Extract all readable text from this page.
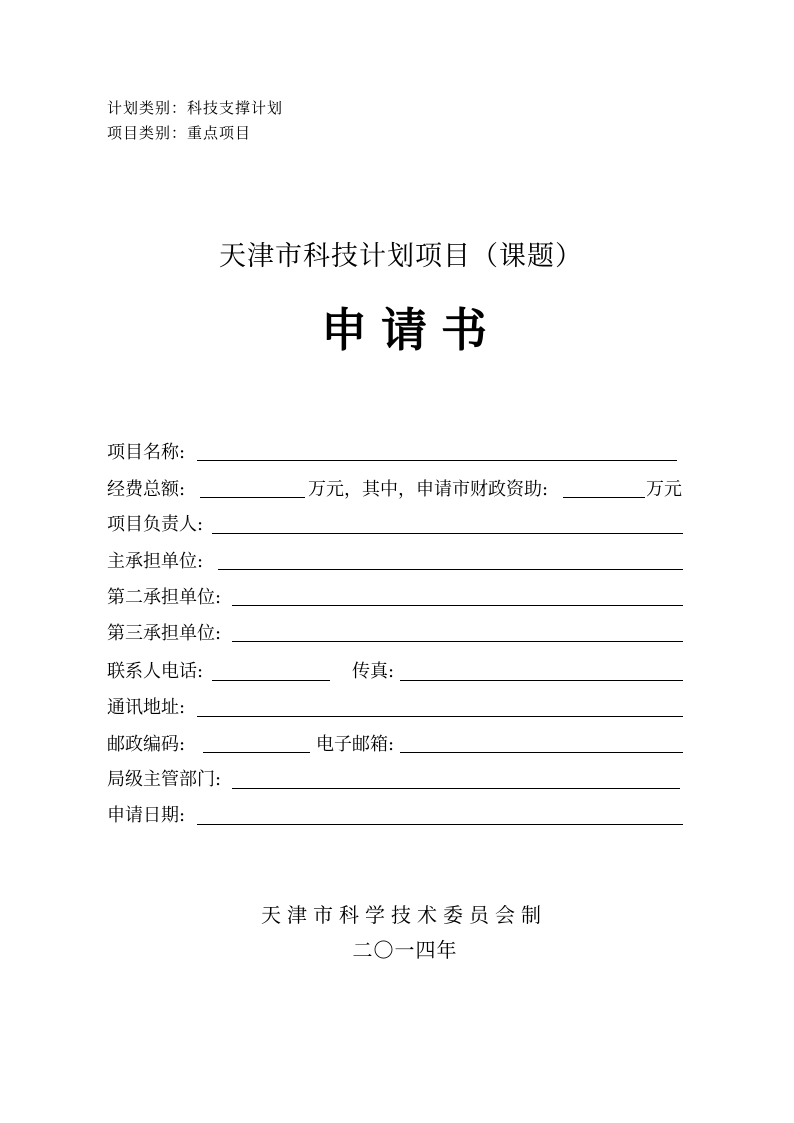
计划类别：科技支撑计划
项目类别：重点项目
天津市科技计划项目（课题）
申请书
项目名称:
经费总额:	万元，其中，申请市财政资助:	万元
项目负责人:
主承担单位:
第二承担单位:
第三承担单位:
联系人电话:	传真:
通讯地址:
邮政编码:	电子邮箱:
局级主管部门:
申请日期:
天津市科学技术委员会制
二〇一四年
